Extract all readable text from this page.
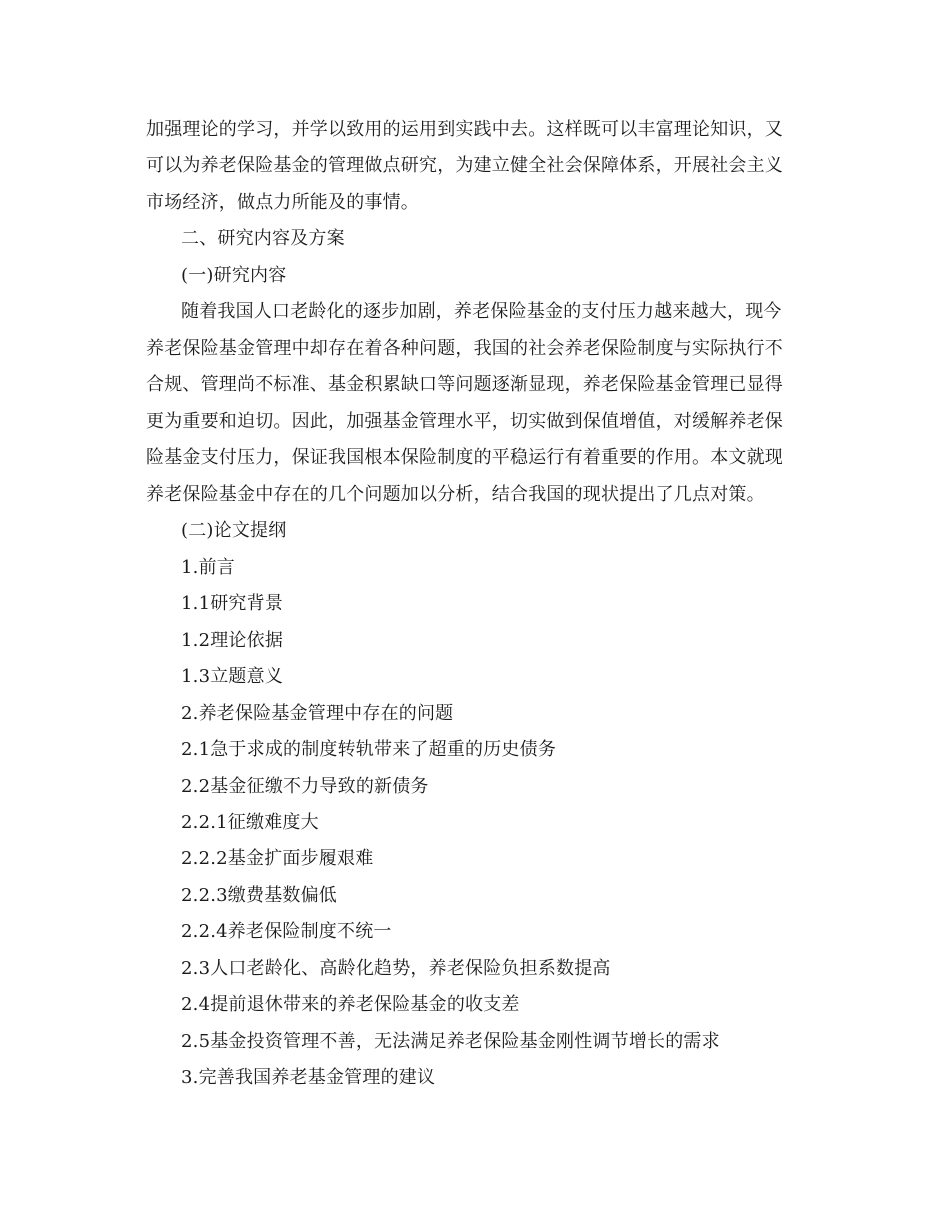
加强理论的学习，并学以致用的运用到实践中去。这样既可以丰富理论知识，又
可以为养老保险基金的管理做点研究，为建立健全社会保障体系，开展社会主义
市场经济，做点力所能及的事情。
二、研究内容及方案
(一)研究内容
随着我国人口老龄化的逐步加剧，养老保险基金的支付压力越来越大，现今
养老保险基金管理中却存在着各种问题，我国的社会养老保险制度与实际执行不
合规、管理尚不标准、基金积累缺口等问题逐渐显现，养老保险基金管理已显得
更为重要和迫切。因此，加强基金管理水平，切实做到保值增值，对缓解养老保
险基金支付压力，保证我国根本保险制度的平稳运行有着重要的作用。本文就现
养老保险基金中存在的几个问题加以分析，结合我国的现状提出了几点对策。
(二)论文提纲
1.前言
1.1研究背景
1.2理论依据
1.3立题意义
2.养老保险基金管理中存在的问题
2.1急于求成的制度转轨带来了超重的历史债务
2.2基金征缴不力导致的新债务
2.2.1征缴难度大
2.2.2基金扩面步履艰难
2.2.3缴费基数偏低
2.2.4养老保险制度不统一
2.3人口老龄化、高龄化趋势，养老保险负担系数提高
2.4提前退休带来的养老保险基金的收支差
2.5基金投资管理不善，无法满足养老保险基金刚性调节增长的需求
3.完善我国养老基金管理的建议
